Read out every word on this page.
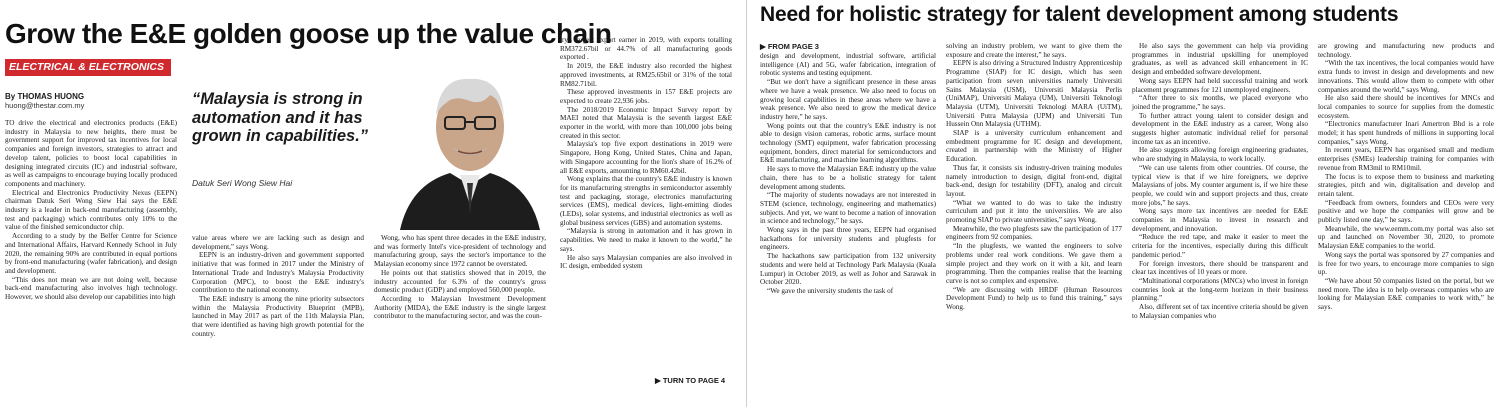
Grow the E&E golden goose up the value chain
ELECTRICAL & ELECTRONICS
By THOMAS HUONG
huong@thestar.com.my

TO drive the electrical and electronics products (E&E) industry in Malaysia to new heights, there must be government support for improved tax incentives for local companies and foreign investors, strategies to attract and develop talent, policies to boost local capabilities in designing integrated circuits (IC) and industrial software, as well as campaigns to encourage buying locally produced components and machinery.

Electrical and Electronics Productivity Nexus (EEPN) chairman Datuk Seri Wong Siew Hai says the E&E industry is a leader in back-end manufacturing (assembly, test and packaging) which contributes only 10% to the value of the finished semiconductor chip.

According to a study by the Belfer Centre for Science and International Affairs, Harvard Kennedy School in July 2020, the remaining 90% are contributed in equal portions by front-end manufacturing (wafer fabrication), and design and development.

“This does not mean we are not doing well, because back-end manufacturing also involves high technology. However, we should also develop our capabilities into high

“Malaysia is strong in automation and it has grown in capabilities.”
Datuk Seri Wong Siew Hai

value areas where we are lacking such as design and development,” says Wong.

EEPN is an industry-driven and government supported initiative that was formed in 2017 under the Ministry of International Trade and Industry's Malaysia Productivity Corporation (MPC), to boost the E&E industry's contribution to the national economy.

The E&E industry is among the nine priority subsectors within the Malaysia Productivity Blueprint (MPB), launched in May 2017 as part of the 11th Malaysia Plan, that were identified as having high growth potential for the country.

Wong, who has spent three decades in the E&E industry, and was formerly Intel's vice-president of technology and manufacturing group, says the sector's importance to the Malaysian economy since 1972 cannot be overstated.

He points out that statistics showed that in 2019, the industry accounted for 6.3% of the country's gross domestic product (GDP) and employed 560,000 people.

According to Malaysian Investment Development Authority (MIDA), the E&E industry is the single largest contributor to the manufacturing sector, and was the coun-

try's largest export earner in 2019, with exports totalling RM372.67bil or 44.7% of all manufacturing goods exported .

In 2019, the E&E industry also recorded the highest approved investments, at RM25.65bil or 31% of the total RM82.71bil.

These approved investments in 157 E&E projects are expected to create 22,936 jobs.

The 2018/2019 Economic Impact Survey report by MAEI noted that Malaysia is the seventh largest E&E exporter in the world, with more than 100,000 jobs being created in this sector.

Malaysia's top five export destinations in 2019 were Singapore, Hong Kong, United States, China and Japan, with Singapore accounting for the lion's share of 16.2% of all E&E exports, amounting to RM60.42bil.

Wong explains that the country's E&E industry is known for its manufacturing strengths in semiconductor assembly test and packaging, storage, electronics manufacturing services (EMS), medical devices, light-emitting diodes (LEDs), solar systems, and industrial electronics as well as global business services (GBS) and automation systems.

“Malaysia is strong in automation and it has grown in capabilities. We need to make it known to the world,” he says.

He also says Malaysian companies are also involved in IC design, embedded system

▶ TURN TO PAGE 4
Need for holistic strategy for talent development among students
▶ FROM PAGE 3

design and development, industrial software, artificial intelligence (AI) and 5G, wafer fabrication, integration of robotic systems and testing equipment.

“But we don't have a significant presence in these areas where we have a weak presence. We also need to focus on growing local capabilities in these areas where we have a weak presence. We also need to grow the medical device industry here,” he says.

Wong points out that the country's E&E industry is not able to design vision cameras, robotic arms, surface mount technology (SMT) equipment, wafer fabrication processing equipment, bonders, direct material for semiconductors and E&E manufacturing, and machine learning algorithms.

He says to move the Malaysian E&E industry up the value chain, there has to be a holistic strategy for talent development among students.

“The majority of students nowadays are not interested in STEM (science, technology, engineering and mathematics) subjects. And yet, we want to become a nation of innovation in science and technology,” he says.

Wong says in the past three years, EEPN had organised hackathons for university students and plugfests for engineers.

The hackathons saw participation from 132 university students and were held at Technology Park Malaysia (Kuala Lumpur) in October 2019, as well as Johor and Sarawak in October 2020.

“We gave the university students the task of

solving an industry problem, we want to give them the exposure and create the interest,” he says.

EEPN is also driving a Structured Industry Apprenticeship Programme (SIAP) for IC design, which has seen participation from seven universities namely Universiti Sains Malaysia (USM), Universiti Malaysia Perlis (UniMAP), Universiti Malaya (UM), Universiti Teknologi Malaysia (UTM), Universiti Teknologi MARA (UiTM), Universiti Putra Malaysia (UPM) and Universiti Tun Hussein Onn Malaysia (UTHM).

SIAP is a university curriculum enhancement and embedment programme for IC design and development, created in partnership with the Ministry of Higher Education.

Thus far, it consists six industry-driven training modules namely introduction to design, digital front-end, digital back-end, design for testability (DFT), analog and circuit layout.

“What we wanted to do was to take the industry curriculum and put it into the universities. We are also promoting SIAP to private universities,” says Wong.

Meanwhile, the two plugfests saw the participation of 177 engineers from 92 companies.

“In the plugfests, we wanted the engineers to solve problems under real work conditions. We gave them a simple project and they work on it with a kit, and learn programming. Then the companies realise that the learning curve is not so complex and expensive.

“We are discussing with HRDF (Human Resources Development Fund) to help us to fund this training,” says Wong.

He also says the government can help via providing programmes in industrial upskilling for unemployed graduates, as well as advanced skill enhancement in IC design and embedded software development.

Wong says EEPN had held successful training and work placement programmes for 121 unemployed engineers.

“After three to six months, we placed everyone who joined the programme,” he says.

To further attract young talent to consider design and development in the E&E industry as a career, Wong also suggests higher automatic individual relief for personal income tax as an incentive.

He also suggests allowing foreign engineering graduates, who are studying in Malaysia, to work locally.

“We can use talents from other countries. Of course, the typical view is that if we hire foreigners, we deprive Malaysians of jobs. My counter argument is, if we hire these people, we could win and support projects and thus, create more jobs,” he says.

Wong says more tax incentives are needed for E&E companies in Malaysia to invest in research and development, and innovation.

“Reduce the red tape, and make it easier to meet the criteria for the incentives, especially during this difficult pandemic period.”

For foreign investors, there should be transparent and clear tax incentives of 10 years or more.

“Multinational corporations (MNCs) who invest in foreign countries look at the long-term horizon in their business planning.”

Also, different set of tax incentive criteria should be given to Malaysian companies who

are growing and manufacturing new products and technology.

“With the tax incentives, the local companies would have extra funds to invest in design and developments and new innovations. This would allow them to compete with other companies around the world,” says Wong.

He also said there should be incentives for MNCs and local companies to source for supplies from the domestic ecosystem.

“Electronics manufacturer Inari Amertron Bhd is a role model; it has spent hundreds of millions in supporting local companies,” says Wong.

In recent years, EEPN has organised small and medium enterprises (SMEs) leadership training for companies with revenue from RM3mil to RM10mil.

The focus is to expose them to business and marketing strategies, pitch and win, digitalisation and develop and retain talent.

“Feedback from owners, founders and CEOs were very positive and we hope the companies will grow and be publicly listed one day,” he says.

Meanwhile, the www.eemm.com.my portal was also set up and launched on November 30, 2020, to promote Malaysian E&E companies to the world.

Wong says the portal was sponsored by 27 companies and is free for two years, to encourage more companies to sign up.

“We have about 50 companies listed on the portal, but we need more. The idea is to help overseas companies who are looking for Malaysian E&E companies to work with,” he says.
